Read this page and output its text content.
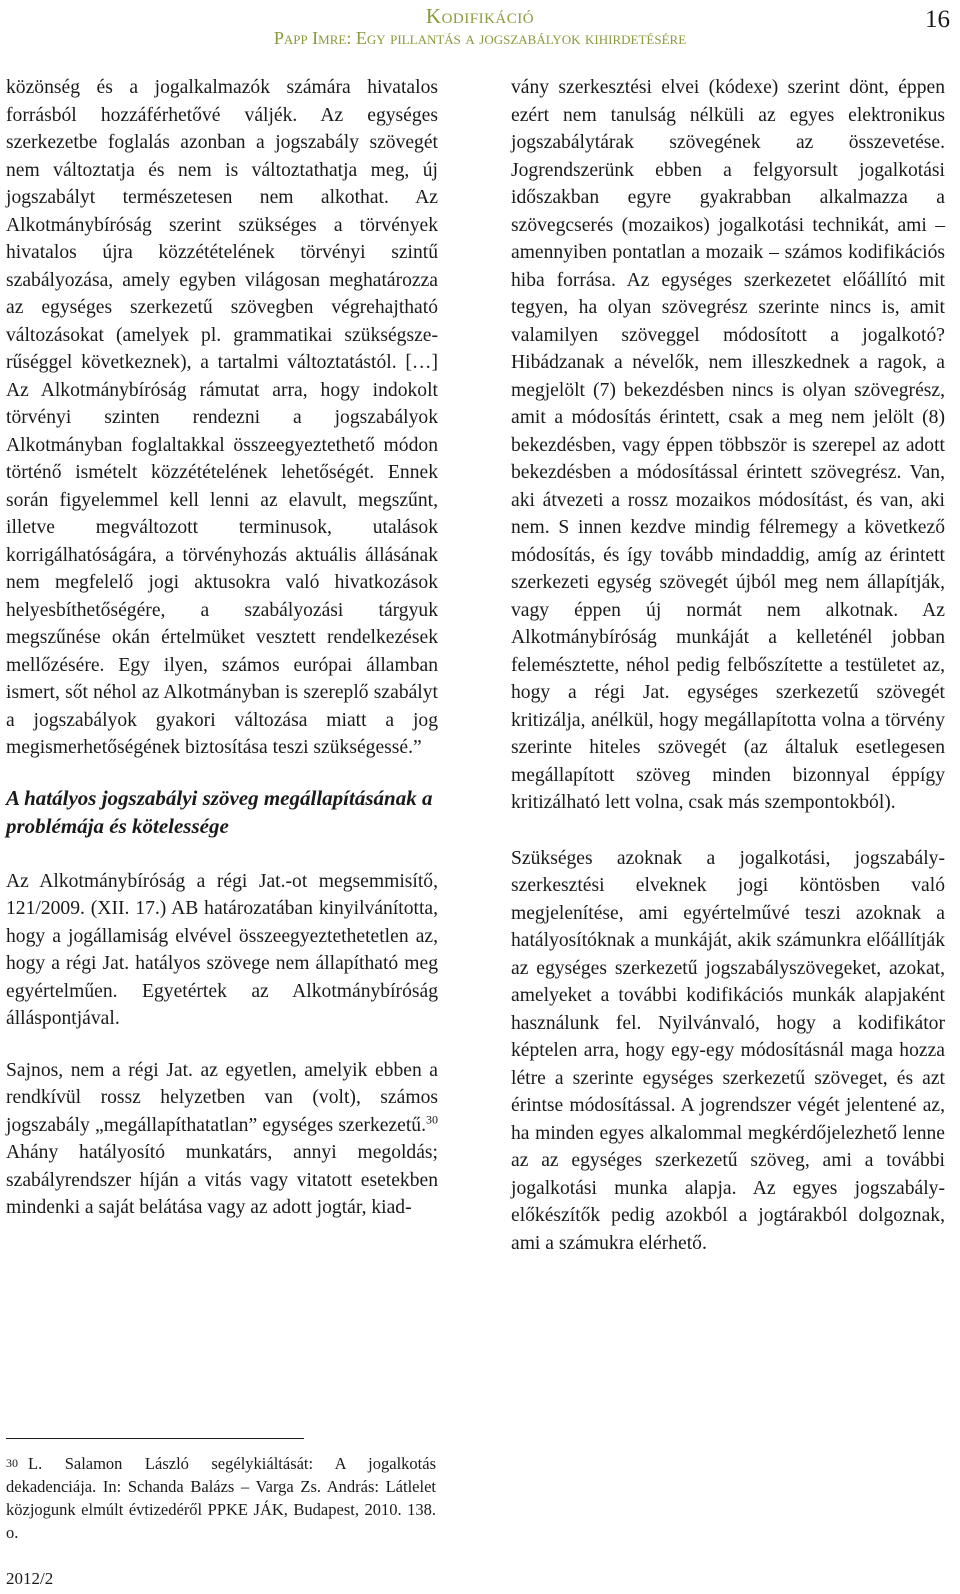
Kodifikáció
Papp Imre: Egy pillantás a jogszabályok kihirdetésére
16

közönség és a jogalkalmazók számára hivatalos forrásból hozzáférhetővé váljék. Az egységes szerkezetbe foglalás azonban a jogszabály szövegét nem változtatja és nem is változtathatja meg, új jogszabályt természetesen nem alkothat. Az Alkotmánybíróság szerint szükséges a törvények hivatalos újra közzétételének törvényi szintű szabályozása, amely egyben világosan meghatározza az egységes szerkezetű szövegben végrehajtható változásokat (amelyek pl. grammatikai szükségszerűséggel következnek), a tartalmi változtatástól. […] Az Alkotmánybíróság rámutat arra, hogy indokolt törvényi szinten rendezni a jogszabályok Alkotmányban foglaltakkal összeegyeztethető módon történő ismételt közzétételének lehetőségét. Ennek során figyelemmel kell lenni az elavult, megszűnt, illetve megváltozott terminusok, utalások korrigálhatóságára, a törvényhozás aktuális állásának nem megfelelő jogi aktusokra való hivatkozások helyesbíthetőségére, a szabályozási tárgyuk megszűnése okán értelmüket vesztett rendelkezések mellőzésére. Egy ilyen, számos európai államban ismert, sőt néhol az Alkotmányban is szereplő szabályt a jogszabályok gyakori változása miatt a jog megismerhetőségének biztosítása teszi szükségessé.”

A hatályos jogszabályi szöveg megállapításának a problémája és kötelessége

Az Alkotmánybíróság a régi Jat.-ot megsemmisítő, 121/2009. (XII. 17.) AB határozatában kinyilvánította, hogy a jogállamiság elvével összeegyeztethetetlen az, hogy a régi Jat. hatályos szövege nem állapítható meg egyértelműen. Egyetértek az Alkotmánybíróság álláspontjával.

Sajnos, nem a régi Jat. az egyetlen, amelyik ebben a rendkívül rossz helyzetben van (volt), számos jogszabály „megállapíthatatlan” egységes szerkezetű.$^{30}$ Ahány hatályosító munkatárs, annyi megoldás; szabályrendszer híján a vitás vagy vitatott esetekben mindenki a saját belátása vagy az adott jogtár, kiad-

vány szerkesztési elvei (kódexe) szerint dönt, éppen ezért nem tanulság nélküli az egyes elektronikus jogszabálytárak szövegének az összevetése. Jogrendszerünk ebben a felgyorsult jogalkotási időszakban egyre gyakrabban alkalmazza a szövegcserés (mozaikos) jogalkotási technikát, ami – amennyiben pontatlan a mozaik – számos kodifikációs hiba forrása. Az egységes szerkezetet előállító mit tegyen, ha olyan szövegrész szerinte nincs is, amit valamilyen szöveggel módosított a jogalkotó? Hibádzanak a névelők, nem illeszkednek a ragok, a megjelölt (7) bekezdésben nincs is olyan szövegrész, amit a módosítás érintett, csak a meg nem jelölt (8) bekezdésben, vagy éppen többször is szerepel az adott bekezdésben a módosítással érintett szövegrész. Van, aki átvezeti a rossz mozaikos módosítást, és van, aki nem. S innen kezdve mindig félremegy a következő módosítás, és így tovább mindaddig, amíg az érintett szerkezeti egység szövegét újból meg nem állapítják, vagy éppen új normát nem alkotnak. Az Alkotmánybíróság munkáját a kelleténél jobban felemésztette, néhol pedig felbőszítette a testületet az, hogy a régi Jat. egységes szerkezetű szövegét kritizálja, anélkül, hogy megállapította volna a törvény szerinte hiteles szövegét (az általuk esetlegesen megállapított szöveg minden bizonnyal éppígy kritizálható lett volna, csak más szempontokból).

Szükséges azoknak a jogalkotási, jogszabályszerkesztési elveknek jogi köntösben való megjelenítése, ami egyértelművé teszi azoknak a hatályosítóknak a munkáját, akik számunkra előállítják az egységes szerkezetű jogszabályszövegeket, azokat, amelyeket a további kodifikációs munkák alapjaként használunk fel. Nyilvánvaló, hogy a kodifikátor képtelen arra, hogy egy-egy módosításnál maga hozza létre a szerinte egységes szerkezetű szöveget, és azt érintse módosítással. A jogrendszer végét jelentené az, ha minden egyes alkalommal megkérdőjelezhető lenne az az egységes szerkezetű szöveg, ami a további jogalkotási munka alapja. Az egyes jogszabály-előkészítők pedig azokból a jogtárakból dolgoznak, ami a számukra elérhető.

$^{30}$ L. Salamon László segélykiáltását: A jogalkotás dekadenciája. In: Schanda Balázs – Varga Zs. András: Látlelet közjogunk elmúlt évtizedéről PPKE JÁK, Budapest, 2010. 138. o.
2012/2
